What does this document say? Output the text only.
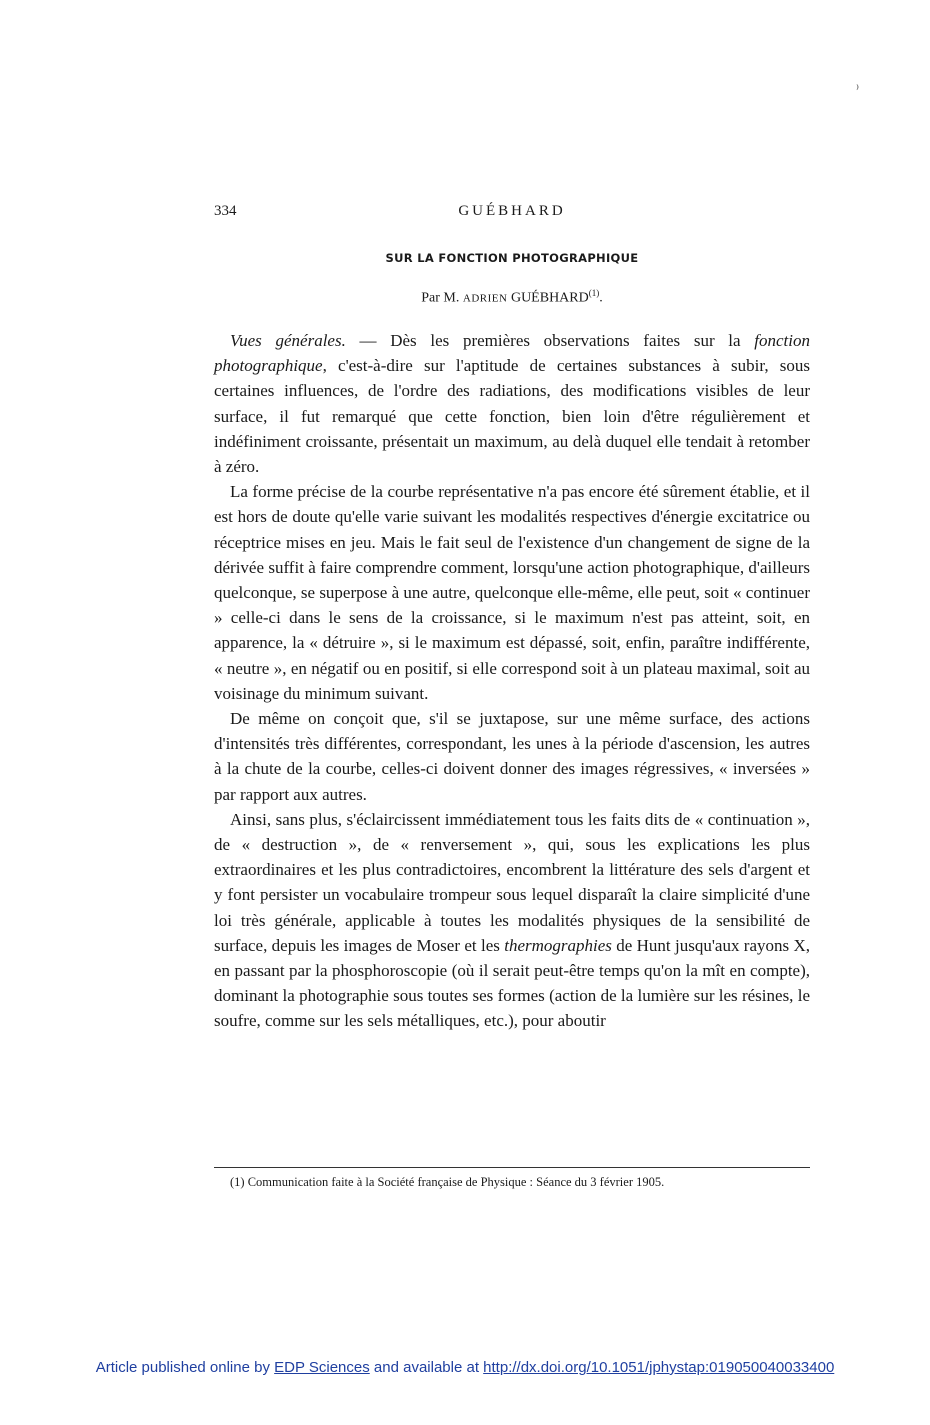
⁾
334	GUÉBHARD
SUR LA FONCTION PHOTOGRAPHIQUE
Par M. ADRIEN GUÉBHARD$^{(1)}$.

Vues générales. — Dès les premières observations faites sur la fonction photographique, c'est-à-dire sur l'aptitude de certaines substances à subir, sous certaines influences, de l'ordre des radiations, des modifications visibles de leur surface, il fut remarqué que cette fonction, bien loin d'être régulièrement et indéfiniment croissante, présentait un maximum, au delà duquel elle tendait à retomber à zéro.

La forme précise de la courbe représentative n'a pas encore été sûrement établie, et il est hors de doute qu'elle varie suivant les modalités respectives d'énergie excitatrice ou réceptrice mises en jeu. Mais le fait seul de l'existence d'un changement de signe de la dérivée suffit à faire comprendre comment, lorsqu'une action photographique, d'ailleurs quelconque, se superpose à une autre, quelconque elle-même, elle peut, soit « continuer » celle-ci dans le sens de la croissance, si le maximum n'est pas atteint, soit, en apparence, la « détruire », si le maximum est dépassé, soit, enfin, paraître indifférente, « neutre », en négatif ou en positif, si elle correspond soit à un plateau maximal, soit au voisinage du minimum suivant.

De même on conçoit que, s'il se juxtapose, sur une même surface, des actions d'intensités très différentes, correspondant, les unes à la période d'ascension, les autres à la chute de la courbe, celles-ci doivent donner des images régressives, « inversées » par rapport aux autres.

Ainsi, sans plus, s'éclaircissent immédiatement tous les faits dits de « continuation », de « destruction », de « renversement », qui, sous les explications les plus extraordinaires et les plus contradictoires, encombrent la littérature des sels d'argent et y font persister un vocabulaire trompeur sous lequel disparaît la claire simplicité d'une loi très générale, applicable à toutes les modalités physiques de la sensibilité de surface, depuis les images de Moser et les thermographies de Hunt jusqu'aux rayons X, en passant par la phosphoroscopie (où il serait peut-être temps qu'on la mît en compte), dominant la photographie sous toutes ses formes (action de la lumière sur les résines, le soufre, comme sur les sels métalliques, etc.), pour aboutir

(1) Communication faite à la Société française de Physique : Séance du 3 février 1905.
Article published online by EDP Sciences and available at http://dx.doi.org/10.1051/jphystap:019050040033400
